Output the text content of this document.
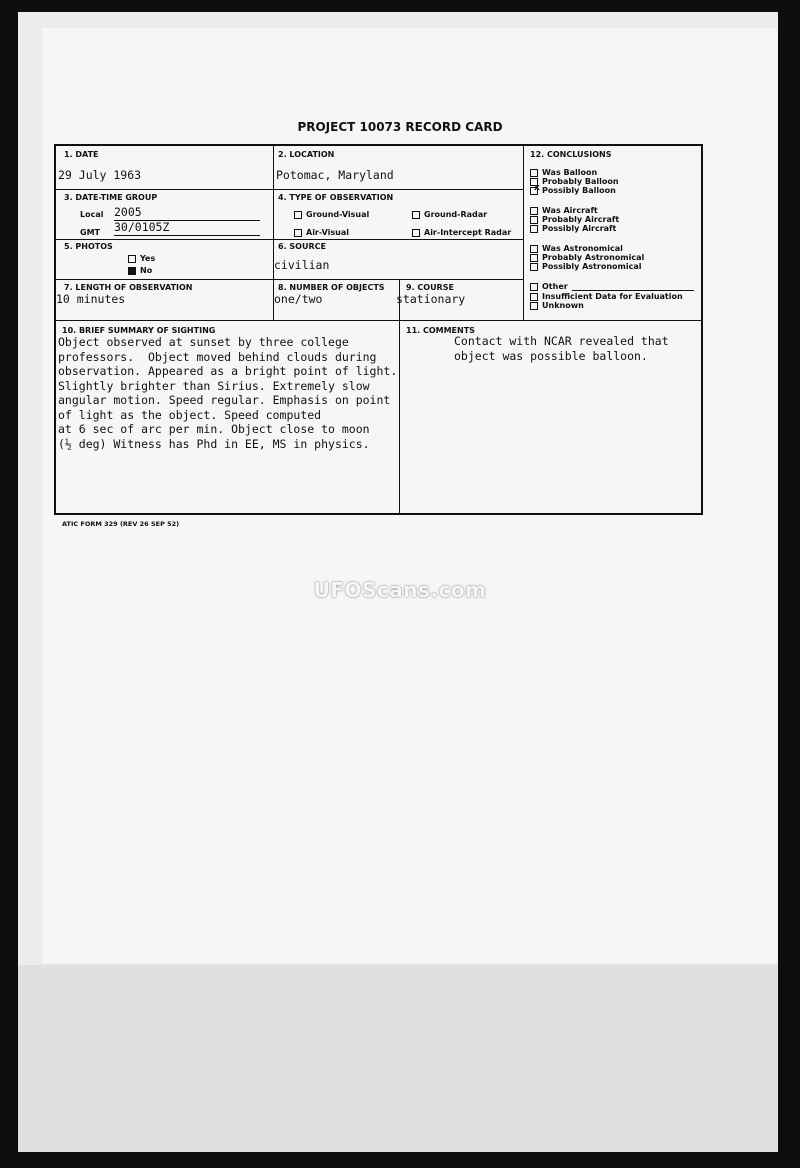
PROJECT 10073 RECORD CARD
1. DATE
29 July 1963
2. LOCATION
Potomac, Maryland
12. CONCLUSIONS
Was Balloon
Probably Balloon
x Possibly Balloon
Was Aircraft
Probably Aircraft
Possibly Aircraft
Was Astronomical
Probably Astronomical
Possibly Astronomical
Other
Insufficient Data for Evaluation
Unknown
3. DATE-TIME GROUP
Local 2005
GMT 30/0105Z
4. TYPE OF OBSERVATION
Ground-Visual	Ground-Radar
Air-Visual	Air-Intercept Radar
5. PHOTOS
Yes
No
6. SOURCE
civilian
7. LENGTH OF OBSERVATION
10 minutes
8. NUMBER OF OBJECTS
one/two
9. COURSE
stationary
10. BRIEF SUMMARY OF SIGHTING
Object observed at sunset by three college
professors.  Object moved behind clouds during
observation. Appeared as a bright point of light.
Slightly brighter than Sirius. Extremely slow
angular motion. Speed regular. Emphasis on point
of light as the object. Speed computed
at 6 sec of arc per min. Object close to moon
(½ deg) Witness has Phd in EE, MS in physics.
11. COMMENTS
Contact with NCAR revealed that
object was possible balloon.
ATIC FORM 329 (REV 26 SEP 52)
UFOScans.com
